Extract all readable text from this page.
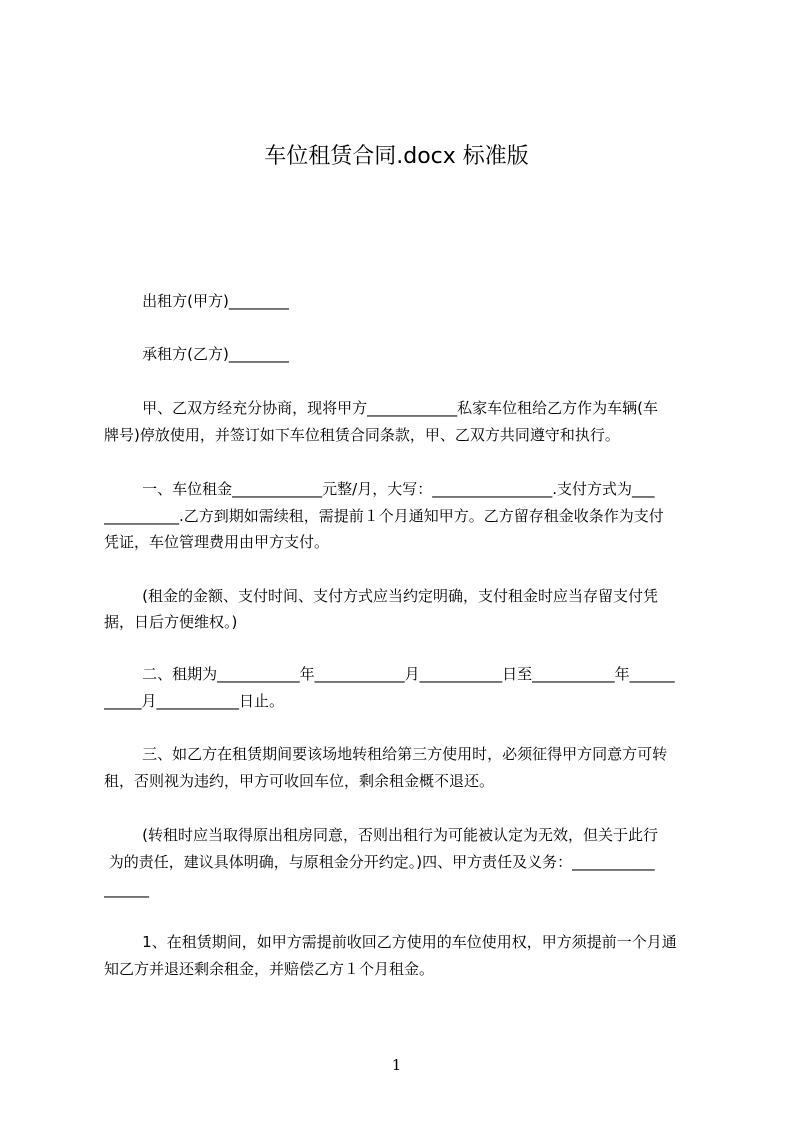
车位租赁合同.docx 标准版
出租方(甲方)________
承租方(乙方)________
甲、乙双方经充分协商，现将甲方____________私家车位租给乙方作为车辆(车
牌号)停放使用，并签订如下车位租赁合同条款，甲、乙双方共同遵守和执行。
一、车位租金____________元整/月，大写：________________.支付方式为___
__________.乙方到期如需续租，需提前１个月通知甲方。乙方留存租金收条作为支付
凭证，车位管理费用由甲方支付。
(租金的金额、支付时间、支付方式应当约定明确，支付租金时应当存留支付凭
据，日后方便维权。)
二、租期为___________年____________月___________日至___________年______
_____月___________日止。
三、如乙方在租赁期间要该场地转租给第三方使用时，必须征得甲方同意方可转
租，否则视为违约，甲方可收回车位，剩余租金概不退还。
(转租时应当取得原出租房同意，否则出租行为可能被认定为无效，但关于此行
为的责任，建议具体明确，与原租金分开约定。)四、甲方责任及义务：___________
______
1、在租赁期间，如甲方需提前收回乙方使用的车位使用权，甲方须提前一个月通
知乙方并退还剩余租金，并赔偿乙方１个月租金。
1
